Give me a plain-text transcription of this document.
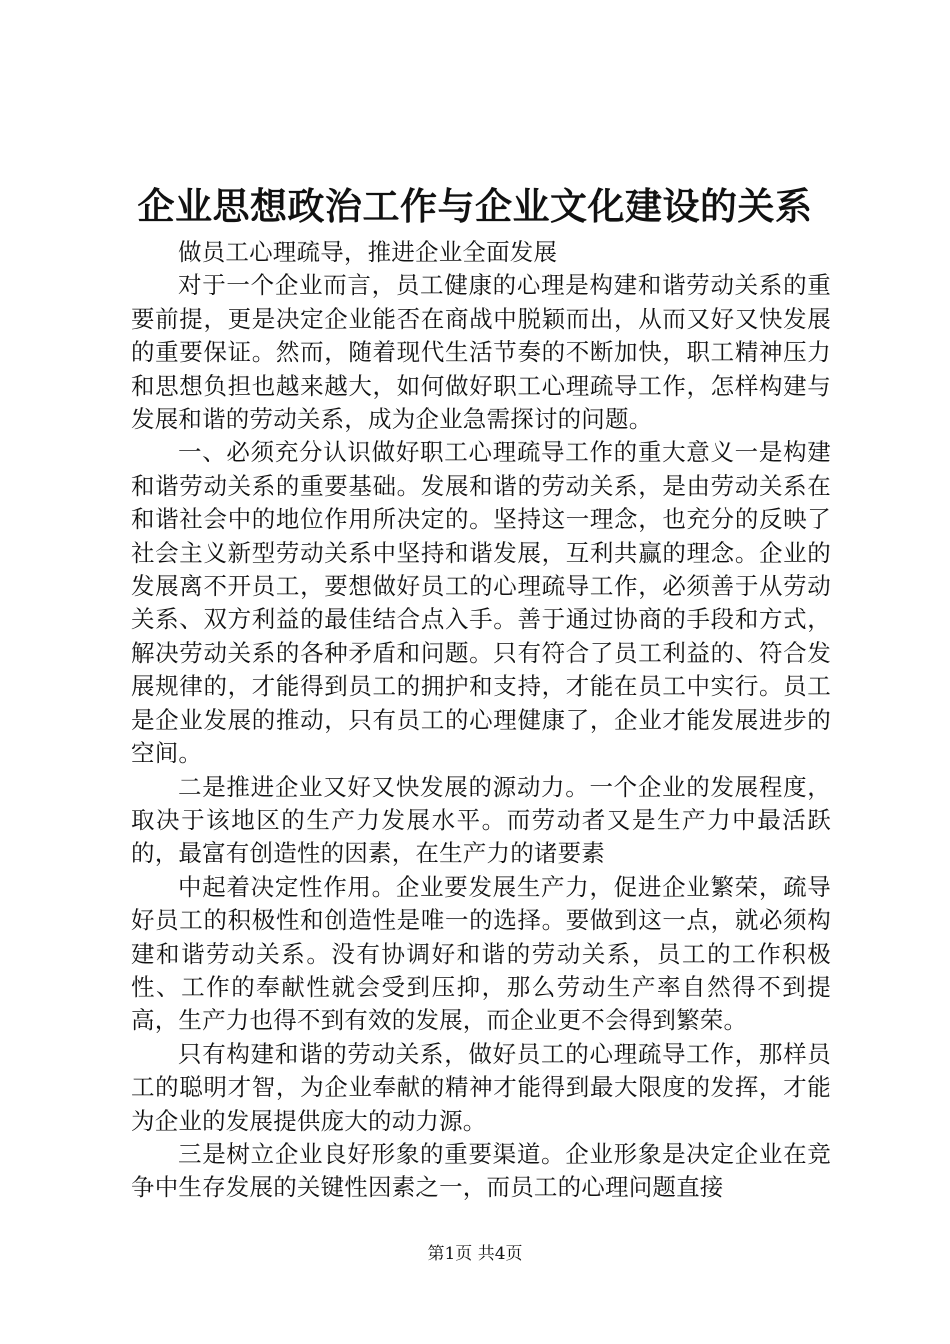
企业思想政治工作与企业文化建设的关系

做员工心理疏导，推进企业全面发展

对于一个企业而言，员工健康的心理是构建和谐劳动关系的重要前提，更是决定企业能否在商战中脱颖而出，从而又好又快发展的重要保证。然而，随着现代生活节奏的不断加快，职工精神压力和思想负担也越来越大，如何做好职工心理疏导工作，怎样构建与发展和谐的劳动关系，成为企业急需探讨的问题。

一、必须充分认识做好职工心理疏导工作的重大意义一是构建和谐劳动关系的重要基础。发展和谐的劳动关系，是由劳动关系在和谐社会中的地位作用所决定的。坚持这一理念，也充分的反映了社会主义新型劳动关系中坚持和谐发展，互利共赢的理念。企业的发展离不开员工，要想做好员工的心理疏导工作，必须善于从劳动关系、双方利益的最佳结合点入手。善于通过协商的手段和方式，解决劳动关系的各种矛盾和问题。只有符合了员工利益的、符合发展规律的，才能得到员工的拥护和支持，才能在员工中实行。员工是企业发展的推动，只有员工的心理健康了，企业才能发展进步的空间。

二是推进企业又好又快发展的源动力。一个企业的发展程度，取决于该地区的生产力发展水平。而劳动者又是生产力中最活跃的，最富有创造性的因素，在生产力的诸要素

中起着决定性作用。企业要发展生产力，促进企业繁荣，疏导好员工的积极性和创造性是唯一的选择。要做到这一点，就必须构建和谐劳动关系。没有协调好和谐的劳动关系，员工的工作积极性、工作的奉献性就会受到压抑，那么劳动生产率自然得不到提高，生产力也得不到有效的发展，而企业更不会得到繁荣。

只有构建和谐的劳动关系，做好员工的心理疏导工作，那样员工的聪明才智，为企业奉献的精神才能得到最大限度的发挥，才能为企业的发展提供庞大的动力源。

三是树立企业良好形象的重要渠道。企业形象是决定企业在竞争中生存发展的关键性因素之一，而员工的心理问题直接

第1页 共4页
